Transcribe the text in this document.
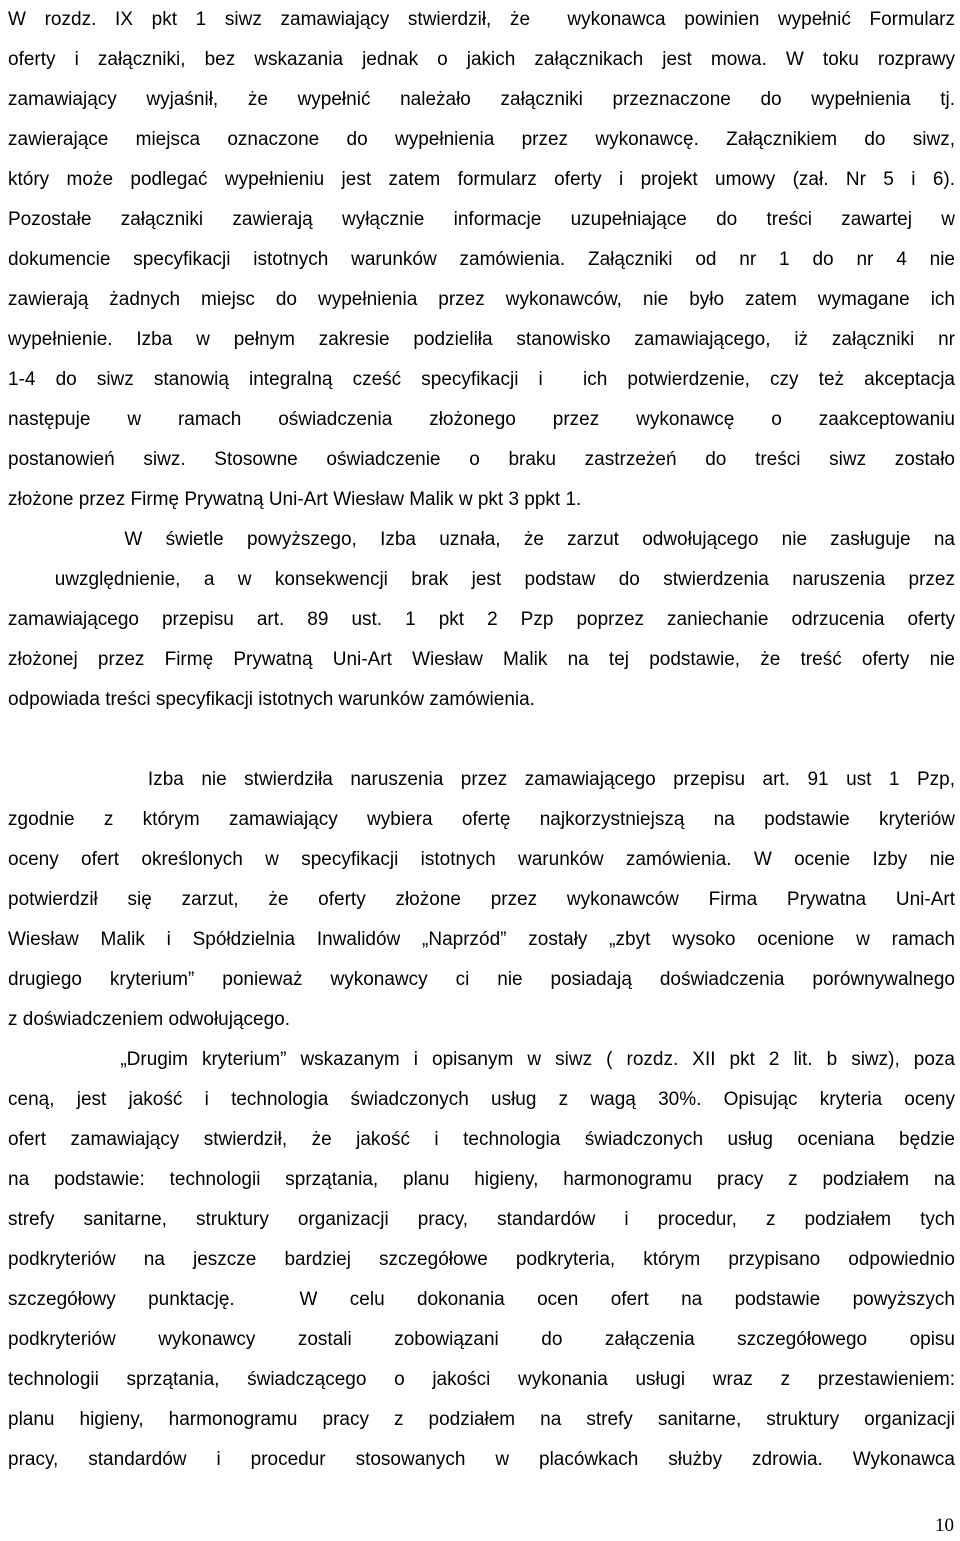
W rozdz. IX pkt 1 siwz zamawiający stwierdził, że  wykonawca powinien wypełnić Formularz
oferty i załączniki, bez wskazania jednak o jakich załącznikach jest mowa. W toku rozprawy
zamawiający wyjaśnił, że wypełnić należało załączniki przeznaczone do wypełnienia tj.
zawierające miejsca oznaczone do wypełnienia przez wykonawcę. Załącznikiem do siwz,
który może podlegać wypełnieniu jest zatem formularz oferty i projekt umowy (zał. Nr 5 i 6).
Pozostałe załączniki zawierają wyłącznie informacje uzupełniające do treści zawartej w
dokumencie specyfikacji istotnych warunków zamówienia. Załączniki od nr 1 do nr 4 nie
zawierają żadnych miejsc do wypełnienia przez wykonawców, nie było zatem wymagane ich
wypełnienie. Izba w pełnym zakresie podzieliła stanowisko zamawiającego, iż załączniki nr
1-4 do siwz stanowią integralną cześć specyfikacji i  ich potwierdzenie, czy też akceptacja
następuje w ramach oświadczenia złożonego przez wykonawcę o zaakceptowaniu
postanowień siwz. Stosowne oświadczenie o braku zastrzeżeń do treści siwz zostało
złożone przez Firmę Prywatną Uni-Art Wiesław Malik w pkt 3 ppkt 1.
W świetle powyższego, Izba uznała, że zarzut odwołującego nie zasługuje na
uwzględnienie, a w konsekwencji brak jest podstaw do stwierdzenia naruszenia przez
zamawiającego przepisu art. 89 ust. 1 pkt 2 Pzp poprzez zaniechanie odrzucenia oferty
złożonej przez Firmę Prywatną Uni-Art Wiesław Malik na tej podstawie, że treść oferty nie
odpowiada treści specyfikacji istotnych warunków zamówienia.
Izba nie stwierdziła naruszenia przez zamawiającego przepisu art. 91 ust 1 Pzp,
zgodnie z którym zamawiający wybiera ofertę najkorzystniejszą na podstawie kryteriów
oceny ofert określonych w specyfikacji istotnych warunków zamówienia. W ocenie Izby nie
potwierdził się zarzut, że oferty złożone przez wykonawców Firma Prywatna Uni-Art
Wiesław Malik i Spółdzielnia Inwalidów „Naprzód” zostały „zbyt wysoko ocenione w ramach
drugiego kryterium” ponieważ wykonawcy ci nie posiadają doświadczenia porównywalnego
z doświadczeniem odwołującego.
„Drugim kryterium” wskazanym i opisanym w siwz ( rozdz. XII pkt 2 lit. b siwz), poza
ceną, jest jakość i technologia świadczonych usług z wagą 30%. Opisując kryteria oceny
ofert zamawiający stwierdził, że jakość i technologia świadczonych usług oceniana będzie
na podstawie: technologii sprzątania, planu higieny, harmonogramu pracy z podziałem na
strefy sanitarne, struktury organizacji pracy, standardów i procedur, z podziałem tych
podkryteriów na jeszcze bardziej szczegółowe podkryteria, którym przypisano odpowiednio
szczegółowy punktację.  W celu dokonania ocen ofert na podstawie powyższych
podkryteriów wykonawcy zostali zobowiązani do załączenia szczegółowego opisu
technologii sprzątania, świadczącego o jakości wykonania usługi wraz z przestawieniem:
planu higieny, harmonogramu pracy z podziałem na strefy sanitarne, struktury organizacji
pracy, standardów i procedur stosowanych w placówkach służby zdrowia. Wykonawca
10
